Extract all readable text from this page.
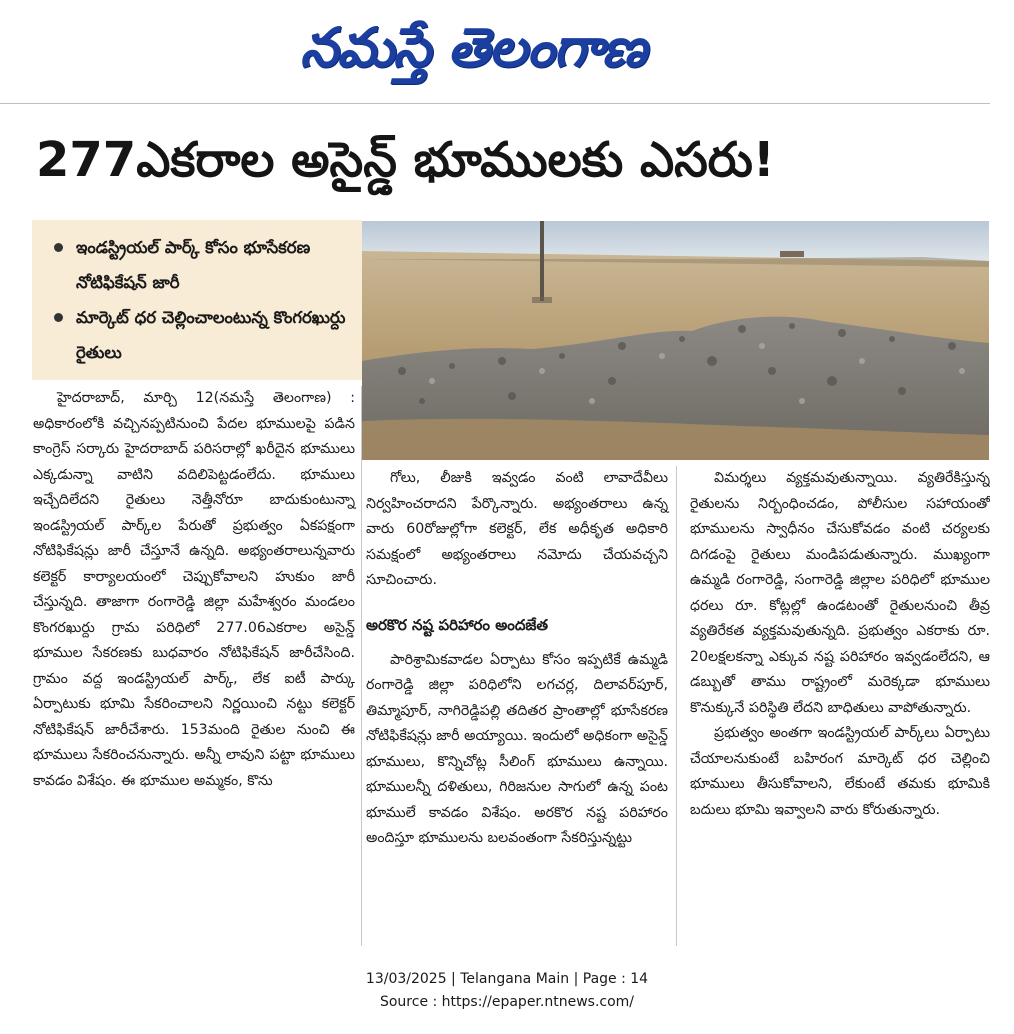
నమస్తే తెలంగాణ
277ఎకరాల అసైన్డ్‌ భూములకు ఎసరు!
ఇండస్ట్రియల్‌ పార్క్‌ కోసం భూసేకరణ నోటిఫికేషన్‌ జారీ
మార్కెట్‌ ధర చెల్లించాలంటున్న కొంగరఖుర్దు రైతులు

హైదరాబాద్‌, మార్చి 12(నమస్తే తెలంగాణ) : అధికారంలోకి వచ్చినప్పటినుంచి పేదల భూములపై పడిన కాంగ్రెస్‌ సర్కారు హైదరాబాద్‌ పరిసరాల్లో ఖరీదైన భూములు ఎక్కడున్నా వాటిని వదిలిపెట్టడంలేదు. భూములు ఇచ్చేదిలేదని రైతులు నెత్తీనోరూ బాదుకుంటున్నా ఇండస్ట్రియల్‌ పార్క్‌ల పేరుతో ప్రభుత్వం ఏకపక్షంగా నోటిఫికేషన్లు జారీ చేస్తూనే ఉన్నది. అభ్యంతరాలున్నవారు కలెక్టర్‌ కార్యాలయంలో చెప్పుకోవాలని హుకుం జారీ చేస్తున్నది. తాజాగా రంగారెడ్డి జిల్లా మహేశ్వరం మండలం కొంగరఖుర్దు గ్రామ పరిధిలో 277.06ఎకరాల అసైన్డ్‌ భూముల సేకరణకు బుధవారం నోటిఫికేషన్‌ జారీచేసింది. గ్రామం వద్ద ఇండస్ట్రియల్‌ పార్క్‌, లేక ఐటీ పార్కు ఏర్పాటుకు భూమి సేకరించాలని నిర్ణయించి నట్టు కలెక్టర్‌ నోటిఫికేషన్‌ జారీచేశారు. 153మంది రైతుల నుంచి ఈ భూములు సేకరించనున్నారు. అన్నీ లావుని పట్టా భూములు కావడం విశేషం. ఈ భూముల అమ్మకం, కొను

గోలు, లీజుకి ఇవ్వడం వంటి లావాదేవీలు నిర్వహించరాదని పేర్కొన్నారు. అభ్యంతరాలు ఉన్న వారు 60రోజుల్లోగా కలెక్టర్‌, లేక అధీకృత అధికారి సమక్షంలో అభ్యంతరాలు నమోదు చేయవచ్చని సూచించారు.

అరకొర నష్ట పరిహారం అందజేత

పారిశ్రామికవాడల ఏర్పాటు కోసం ఇప్పటికే ఉమ్మడి రంగారెడ్డి జిల్లా పరిధిలోని లగచర్ల, దిలావర్‌పూర్‌, తిమ్మాపూర్‌, నాగిరెడ్డిపల్లి తదితర ప్రాంతాల్లో భూసేకరణ నోటిఫికేషన్లు జారీ అయ్యాయి. ఇందులో అధికంగా అసైన్డ్‌ భూములు, కొన్నిచోట్ల సీలింగ్‌ భూములు ఉన్నాయి. భూములన్నీ దళితులు, గిరిజనుల సాగులో ఉన్న పంట భూములే కావడం విశేషం. అరకొర నష్ట పరిహారం అందిస్తూ భూములను బలవంతంగా సేకరిస్తున్నట్టు

విమర్శలు వ్యక్తమవుతున్నాయి. వ్యతిరేకిస్తున్న రైతులను నిర్బంధించడం, పోలీసుల సహాయంతో భూములను స్వాధీనం చేసుకోవడం వంటి చర్యలకు దిగడంపై రైతులు మండిపడుతున్నారు. ముఖ్యంగా ఉమ్మడి రంగారెడ్డి, సంగారెడ్డి జిల్లాల పరిధిలో భూముల ధరలు రూ. కోట్లల్లో ఉండటంతో రైతులనుంచి తీవ్ర వ్యతిరేకత వ్యక్తమవుతున్నది. ప్రభుత్వం ఎకరాకు రూ. 20లక్షలకన్నా ఎక్కువ నష్ట పరిహారం ఇవ్వడంలేదని, ఆ డబ్బుతో తాము రాష్ట్రంలో మరెక్కడా భూములు కొనుక్కునే పరిస్థితి లేదని బాధితులు వాపోతున్నారు.

ప్రభుత్వం అంతగా ఇండస్ట్రియల్‌ పార్క్‌లు ఏర్పాటు చేయాలనుకుంటే బహిరంగ మార్కెట్‌ ధర చెల్లించి భూములు తీసుకోవాలని, లేకుంటే తమకు భూమికి బదులు భూమి ఇవ్వాలని వారు కోరుతున్నారు.

13/03/2025 | Telangana Main | Page : 14
Source : https://epaper.ntnews.com/
